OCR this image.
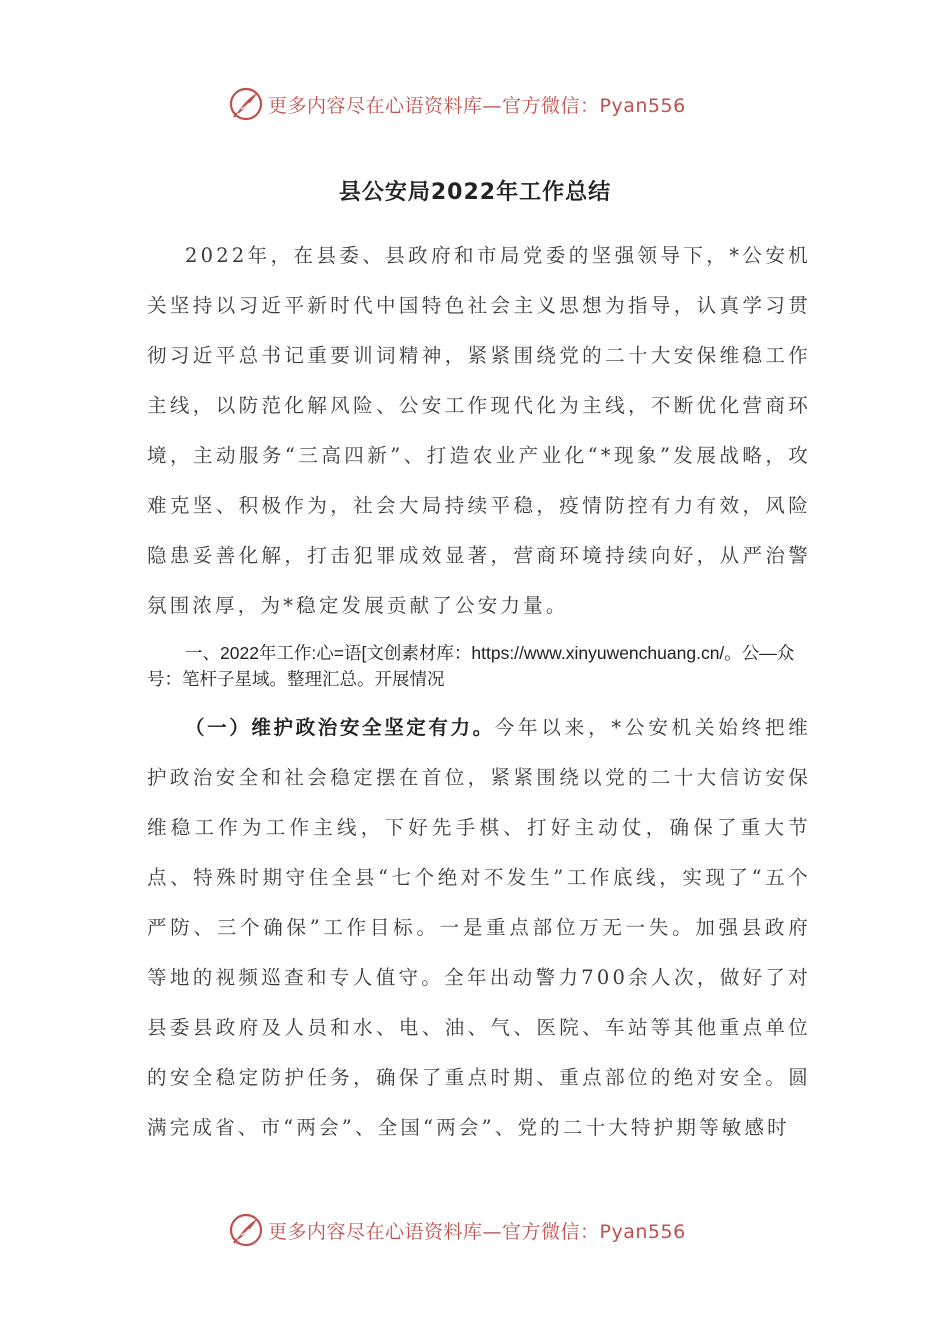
更多内容尽在心语资料库—官方微信：Pyan556
县公安局2022年工作总结

2022年，在县委、县政府和市局党委的坚强领导下，*公安机关坚持以习近平新时代中国特色社会主义思想为指导，认真学习贯彻习近平总书记重要训词精神，紧紧围绕党的二十大安保维稳工作主线，以防范化解风险、公安工作现代化为主线，不断优化营商环境，主动服务“三高四新”、打造农业产业化“*现象”发展战略，攻难克坚、积极作为，社会大局持续平稳，疫情防控有力有效，风险隐患妥善化解，打击犯罪成效显著，营商环境持续向好，从严治警氛围浓厚，为*稳定发展贡献了公安力量。

一、2022年工作:心=语[文创素材库：https://www.xinyuwenchuang.cn/。公—众号：笔杆子星域。整理汇总。开展情况

（一）维护政治安全坚定有力。今年以来，*公安机关始终把维护政治安全和社会稳定摆在首位，紧紧围绕以党的二十大信访安保维稳工作为工作主线，下好先手棋、打好主动仗，确保了重大节点、特殊时期守住全县“七个绝对不发生”工作底线，实现了“五个严防、三个确保”工作目标。一是重点部位万无一失。加强县政府等地的视频巡查和专人值守。全年出动警力700余人次，做好了对县委县政府及人员和水、电、油、气、医院、车站等其他重点单位的安全稳定防护任务，确保了重点时期、重点部位的绝对安全。圆满完成省、市“两会”、全国“两会”、党的二十大特护期等敏感时

更多内容尽在心语资料库—官方微信：Pyan556
